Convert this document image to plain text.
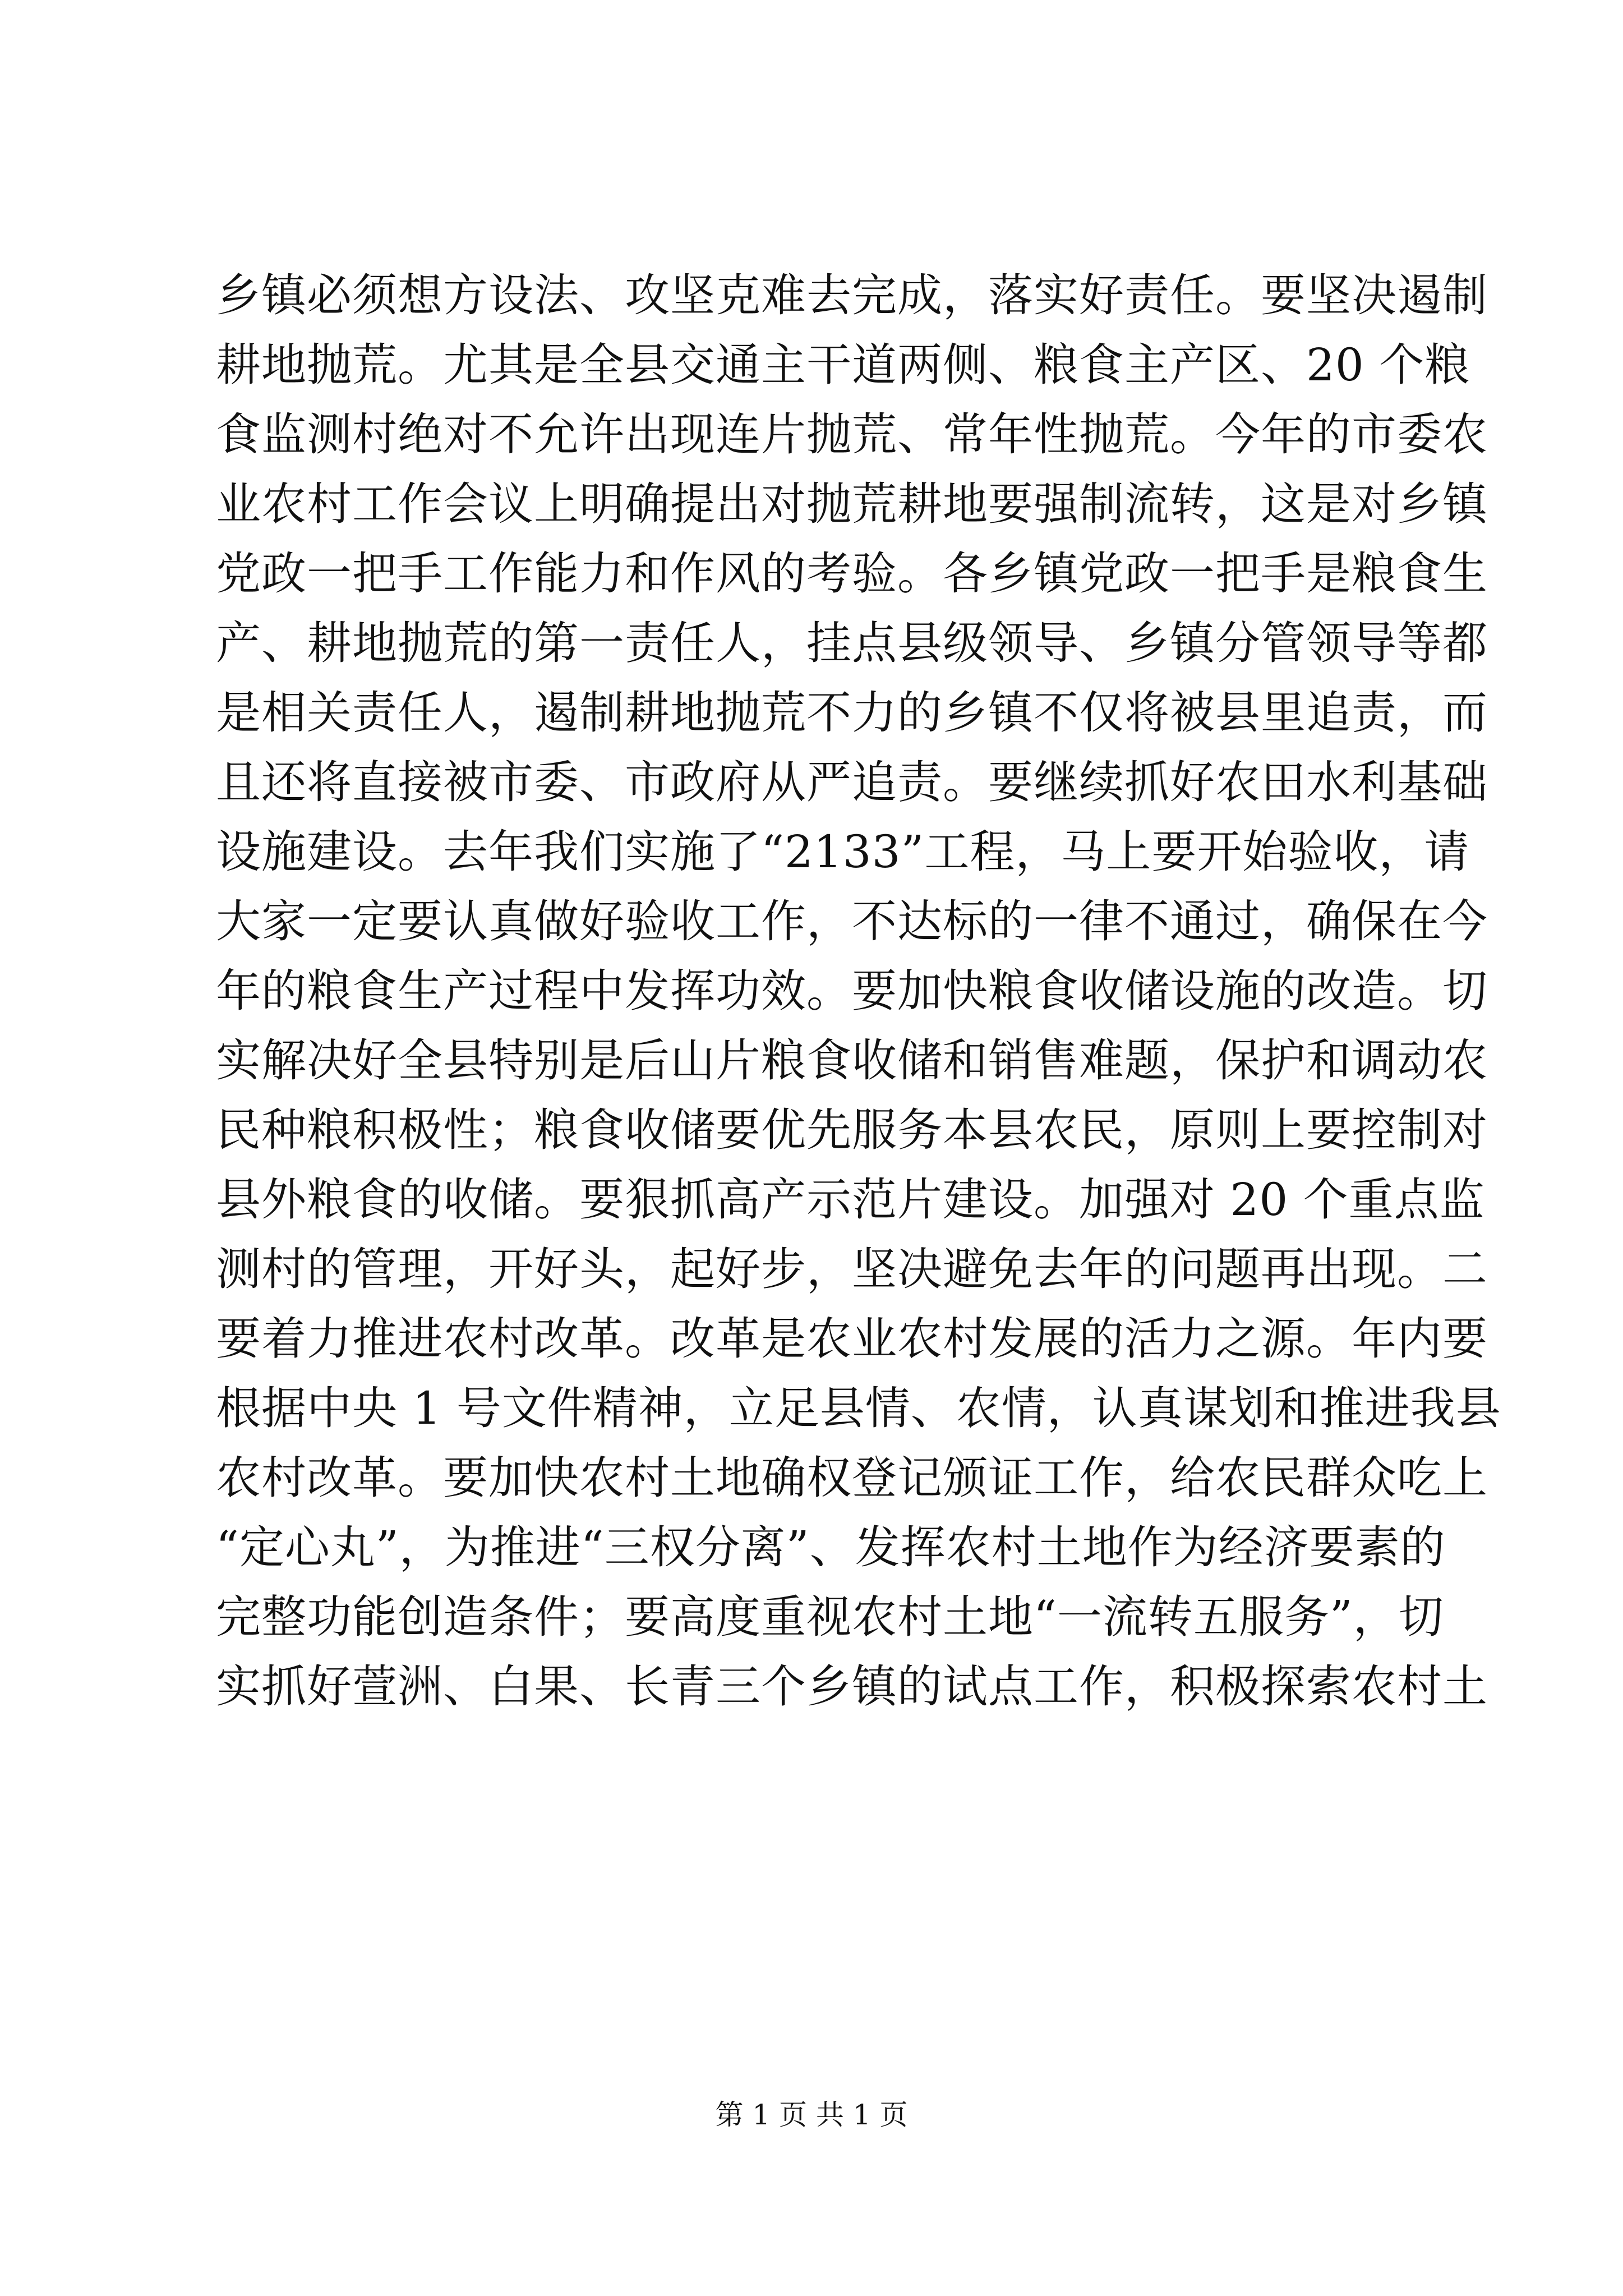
乡镇必须想方设法、攻坚克难去完成，落实好责任。要坚决遏制
耕地抛荒。尤其是全县交通主干道两侧、粮食主产区、20 个粮
食监测村绝对不允许出现连片抛荒、常年性抛荒。今年的市委农
业农村工作会议上明确提出对抛荒耕地要强制流转，这是对乡镇
党政一把手工作能力和作风的考验。各乡镇党政一把手是粮食生
产、耕地抛荒的第一责任人，挂点县级领导、乡镇分管领导等都
是相关责任人，遏制耕地抛荒不力的乡镇不仅将被县里追责，而
且还将直接被市委、市政府从严追责。要继续抓好农田水利基础
设施建设。去年我们实施了“2133”工程，马上要开始验收，请
大家一定要认真做好验收工作，不达标的一律不通过，确保在今
年的粮食生产过程中发挥功效。要加快粮食收储设施的改造。切
实解决好全县特别是后山片粮食收储和销售难题，保护和调动农
民种粮积极性；粮食收储要优先服务本县农民，原则上要控制对
县外粮食的收储。要狠抓高产示范片建设。加强对 20 个重点监
测村的管理，开好头，起好步，坚决避免去年的问题再出现。二
要着力推进农村改革。改革是农业农村发展的活力之源。年内要
根据中央 1 号文件精神，立足县情、农情，认真谋划和推进我县
农村改革。要加快农村土地确权登记颁证工作，给农民群众吃上
“定心丸”，为推进“三权分离”、发挥农村土地作为经济要素的
完整功能创造条件；要高度重视农村土地“一流转五服务”，切
实抓好萱洲、白果、长青三个乡镇的试点工作，积极探索农村土
第 1 页 共 1 页
